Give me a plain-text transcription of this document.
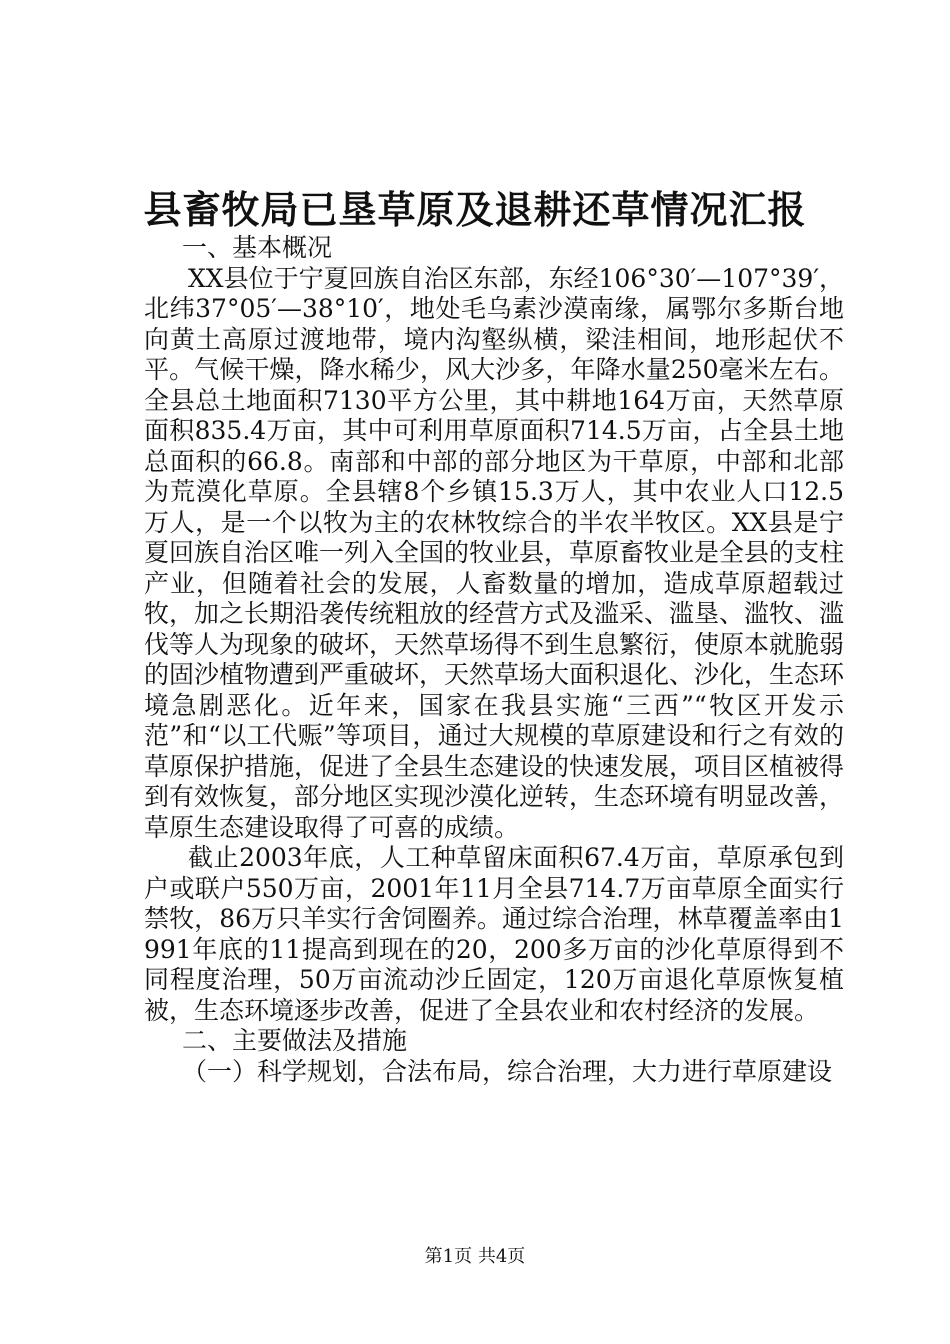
县畜牧局已垦草原及退耕还草情况汇报

一、基本概况

XX县位于宁夏回族自治区东部，东经106°30′—107°39′，北纬37°05′—38°10′，地处毛乌素沙漠南缘，属鄂尔多斯台地向黄土高原过渡地带，境内沟壑纵横，梁洼相间，地形起伏不平。气候干燥，降水稀少，风大沙多，年降水量250毫米左右。全县总土地面积7130平方公里，其中耕地164万亩，天然草原面积835.4万亩，其中可利用草原面积714.5万亩，占全县土地总面积的66.8。南部和中部的部分地区为干草原，中部和北部为荒漠化草原。全县辖8个乡镇15.3万人，其中农业人口12.5万人，是一个以牧为主的农林牧综合的半农半牧区。XX县是宁夏回族自治区唯一列入全国的牧业县，草原畜牧业是全县的支柱产业，但随着社会的发展，人畜数量的增加，造成草原超载过牧，加之长期沿袭传统粗放的经营方式及滥采、滥垦、滥牧、滥伐等人为现象的破坏，天然草场得不到生息繁衍，使原本就脆弱的固沙植物遭到严重破坏，天然草场大面积退化、沙化，生态环境急剧恶化。近年来，国家在我县实施“三西”“牧区开发示范”和“以工代赈”等项目，通过大规模的草原建设和行之有效的草原保护措施，促进了全县生态建设的快速发展，项目区植被得到有效恢复，部分地区实现沙漠化逆转，生态环境有明显改善，草原生态建设取得了可喜的成绩。

截止2003年底，人工种草留床面积67.4万亩，草原承包到户或联户550万亩，2001年11月全县714.7万亩草原全面实行禁牧，86万只羊实行舍饲圈养。通过综合治理，林草覆盖率由1991年底的11提高到现在的20，200多万亩的沙化草原得到不同程度治理，50万亩流动沙丘固定，120万亩退化草原恢复植被，生态环境逐步改善，促进了全县农业和农村经济的发展。

二、主要做法及措施

（一）科学规划，合法布局，综合治理，大力进行草原建设

第1页 共4页
